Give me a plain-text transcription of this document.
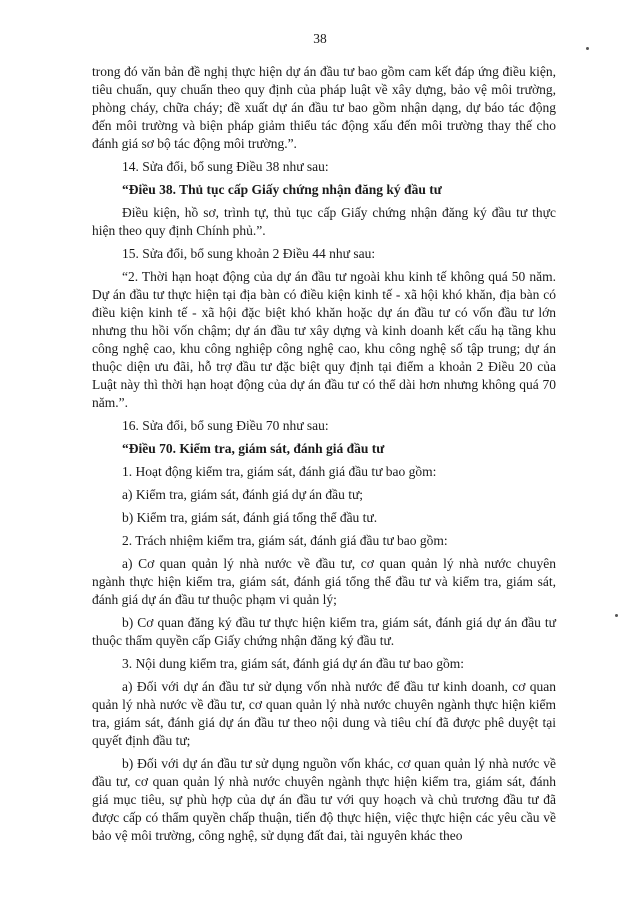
38

trong đó văn bản đề nghị thực hiện dự án đầu tư bao gồm cam kết đáp ứng điều kiện, tiêu chuẩn, quy chuẩn theo quy định của pháp luật về xây dựng, bảo vệ môi trường, phòng cháy, chữa cháy; đề xuất dự án đầu tư bao gồm nhận dạng, dự báo tác động đến môi trường và biện pháp giảm thiểu tác động xấu đến môi trường thay thế cho đánh giá sơ bộ tác động môi trường.”.

14. Sửa đổi, bổ sung Điều 38 như sau:

“Điều 38. Thủ tục cấp Giấy chứng nhận đăng ký đầu tư

Điều kiện, hồ sơ, trình tự, thủ tục cấp Giấy chứng nhận đăng ký đầu tư thực hiện theo quy định Chính phủ.”.

15. Sửa đổi, bổ sung khoản 2 Điều 44 như sau:

“2. Thời hạn hoạt động của dự án đầu tư ngoài khu kinh tế không quá 50 năm. Dự án đầu tư thực hiện tại địa bàn có điều kiện kinh tế - xã hội khó khăn, địa bàn có điều kiện kinh tế - xã hội đặc biệt khó khăn hoặc dự án đầu tư có vốn đầu tư lớn nhưng thu hồi vốn chậm; dự án đầu tư xây dựng và kinh doanh kết cấu hạ tầng khu công nghệ cao, khu công nghiệp công nghệ cao, khu công nghệ số tập trung; dự án thuộc diện ưu đãi, hỗ trợ đầu tư đặc biệt quy định tại điểm a khoản 2 Điều 20 của Luật này thì thời hạn hoạt động của dự án đầu tư có thể dài hơn nhưng không quá 70 năm.”.

16. Sửa đổi, bổ sung Điều 70 như sau:

“Điều 70. Kiểm tra, giám sát, đánh giá đầu tư

1. Hoạt động kiểm tra, giám sát, đánh giá đầu tư bao gồm:

a) Kiểm tra, giám sát, đánh giá dự án đầu tư;

b) Kiểm tra, giám sát, đánh giá tổng thể đầu tư.

2. Trách nhiệm kiểm tra, giám sát, đánh giá đầu tư bao gồm:

a) Cơ quan quản lý nhà nước về đầu tư, cơ quan quản lý nhà nước chuyên ngành thực hiện kiểm tra, giám sát, đánh giá tổng thể đầu tư và kiểm tra, giám sát, đánh giá dự án đầu tư thuộc phạm vi quản lý;

b) Cơ quan đăng ký đầu tư thực hiện kiểm tra, giám sát, đánh giá dự án đầu tư thuộc thẩm quyền cấp Giấy chứng nhận đăng ký đầu tư.

3. Nội dung kiểm tra, giám sát, đánh giá dự án đầu tư bao gồm:

a) Đối với dự án đầu tư sử dụng vốn nhà nước để đầu tư kinh doanh, cơ quan quản lý nhà nước về đầu tư, cơ quan quản lý nhà nước chuyên ngành thực hiện kiểm tra, giám sát, đánh giá dự án đầu tư theo nội dung và tiêu chí đã được phê duyệt tại quyết định đầu tư;

b) Đối với dự án đầu tư sử dụng nguồn vốn khác, cơ quan quản lý nhà nước về đầu tư, cơ quan quản lý nhà nước chuyên ngành thực hiện kiểm tra, giám sát, đánh giá mục tiêu, sự phù hợp của dự án đầu tư với quy hoạch và chủ trương đầu tư đã được cấp có thẩm quyền chấp thuận, tiến độ thực hiện, việc thực hiện các yêu cầu về bảo vệ môi trường, công nghệ, sử dụng đất đai, tài nguyên khác theo
